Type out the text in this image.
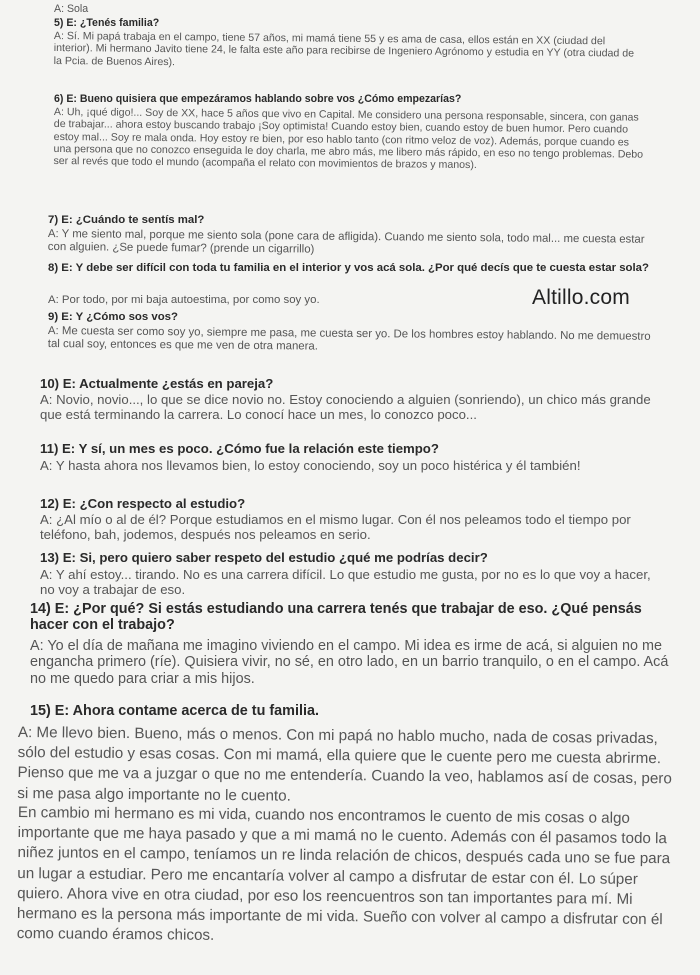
A: Sola
5) E: ¿Tenés familia?
A: Sí. Mi papá trabaja en el campo, tiene 57 años, mi mamá tiene 55 y es ama de casa, ellos están en XX (ciudad del interior). Mi hermano Javito tiene 24, le falta este año para recibirse de Ingeniero Agrónomo y estudia en YY (otra ciudad de la Pcia. de Buenos Aires).
6) E: Bueno quisiera que empezáramos hablando sobre vos ¿Cómo empezarías?
A: Uh, ¡qué digo!... Soy de XX, hace 5 años que vivo en Capital. Me considero una persona responsable, sincera, con ganas de trabajar... ahora estoy buscando trabajo ¡Soy optimista! Cuando estoy bien, cuando estoy de buen humor. Pero cuando estoy mal... Soy re mala onda. Hoy estoy re bien, por eso hablo tanto (con ritmo veloz de voz). Además, porque cuando es una persona que no conozco enseguida le doy charla, me abro más, me libero más rápido, en eso no tengo problemas. Debo ser al revés que todo el mundo (acompaña el relato con movimientos de brazos y manos).
7) E: ¿Cuándo te sentís mal?
A: Y me siento mal, porque me siento sola (pone cara de afligida). Cuando me siento sola, todo mal... me cuesta estar con alguien. ¿Se puede fumar? (prende un cigarrillo)
8) E: Y debe ser difícil con toda tu familia en el interior y vos acá sola. ¿Por qué decís que te cuesta estar sola?
A: Por todo, por mi baja autoestima, por como soy yo.
9) E: Y ¿Cómo sos vos?
A: Me cuesta ser como soy yo, siempre me pasa, me cuesta ser yo. De los hombres estoy hablando. No me demuestro tal cual soy, entonces es que me ven de otra manera.
10) E: Actualmente ¿estás en pareja?
A: Novio, novio..., lo que se dice novio no. Estoy conociendo a alguien (sonriendo), un chico más grande que está terminando la carrera. Lo conocí hace un mes, lo conozco poco...
11) E: Y sí, un mes es poco. ¿Cómo fue la relación este tiempo?
A: Y hasta ahora nos llevamos bien, lo estoy conociendo, soy un poco histérica y él también!
12) E: ¿Con respecto al estudio?
A: ¿Al mío o al de él? Porque estudiamos en el mismo lugar. Con él nos peleamos todo el tiempo por teléfono, bah, jodemos, después nos peleamos en serio.
13) E: Si, pero quiero saber respeto del estudio ¿qué me podrías decir?
A: Y ahí estoy... tirando. No es una carrera difícil. Lo que estudio me gusta, por no es lo que voy a hacer, no voy a trabajar de eso.
14) E: ¿Por qué? Si estás estudiando una carrera tenés que trabajar de eso. ¿Qué pensás hacer con el trabajo?
A: Yo el día de mañana me imagino viviendo en el campo. Mi idea es irme de acá, si alguien no me engancha primero (ríe). Quisiera vivir, no sé, en otro lado, en un barrio tranquilo, o en el campo. Acá no me quedo para criar a mis hijos.
15) E: Ahora contame acerca de tu familia.
A: Me llevo bien. Bueno, más o menos. Con mi papá no hablo mucho, nada de cosas privadas, sólo del estudio y esas cosas. Con mi mamá, ella quiere que le cuente pero me cuesta abrirme. Pienso que me va a juzgar o que no me entendería. Cuando la veo, hablamos así de cosas, pero si me pasa algo importante no le cuento.
En cambio mi hermano es mi vida, cuando nos encontramos le cuento de mis cosas o algo importante que me haya pasado y que a mi mamá no le cuento. Además con él pasamos todo la niñez juntos en el campo, teníamos un re linda relación de chicos, después cada uno se fue para un lugar a estudiar. Pero me encantaría volver al campo a disfrutar de estar con él. Lo súper quiero. Ahora vive en otra ciudad, por eso los reencuentros son tan importantes para mí. Mi hermano es la persona más importante de mi vida. Sueño con volver al campo a disfrutar con él como cuando éramos chicos.
Altillo.com
